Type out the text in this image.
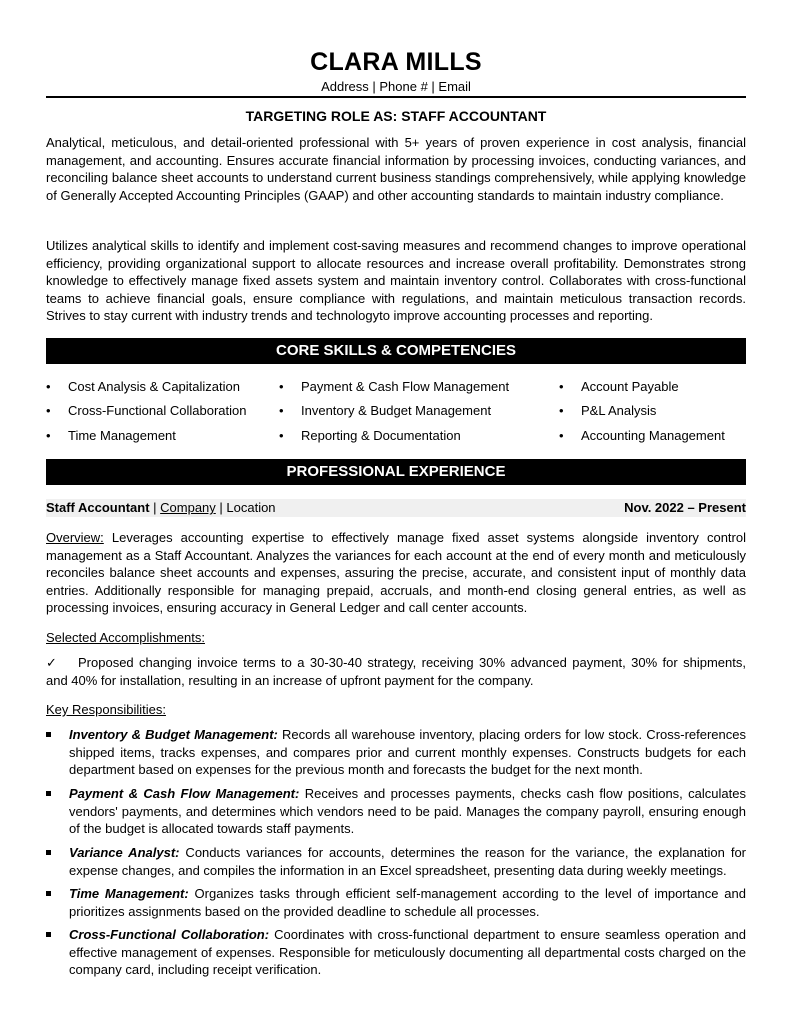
CLARA MILLS
Address | Phone # | Email
TARGETING ROLE AS: STAFF ACCOUNTANT
Analytical, meticulous, and detail-oriented professional with 5+ years of proven experience in cost analysis, financial management, and accounting. Ensures accurate financial information by processing invoices, conducting variances, and reconciling balance sheet accounts to understand current business standings comprehensively, while applying knowledge of Generally Accepted Accounting Principles (GAAP) and other accounting standards to maintain industry compliance.
Utilizes analytical skills to identify and implement cost-saving measures and recommend changes to improve operational efficiency, providing organizational support to allocate resources and increase overall profitability. Demonstrates strong knowledge to effectively manage fixed assets system and maintain inventory control. Collaborates with cross-functional teams to achieve financial goals, ensure compliance with regulations, and maintain meticulous transaction records. Strives to stay current with industry trends and technologyto improve accounting processes and reporting.
CORE SKILLS & COMPETENCIES
• Cost Analysis & Capitalization
• Cross-Functional Collaboration
• Time Management
• Payment & Cash Flow Management
• Inventory & Budget Management
• Reporting & Documentation
• Account Payable
• P&L Analysis
• Accounting Management
PROFESSIONAL EXPERIENCE
Staff Accountant | Company | Location	Nov. 2022 – Present
Overview: Leverages accounting expertise to effectively manage fixed asset systems alongside inventory control management as a Staff Accountant. Analyzes the variances for each account at the end of every month and meticulously reconciles balance sheet accounts and expenses, assuring the precise, accurate, and consistent input of monthly data entries. Additionally responsible for managing prepaid, accruals, and month-end closing general entries, as well as processing invoices, ensuring accuracy in General Ledger and call center accounts.
Selected Accomplishments:
✓ Proposed changing invoice terms to a 30-30-40 strategy, receiving 30% advanced payment, 30% for shipments, and 40% for installation, resulting in an increase of upfront payment for the company.
Key Responsibilities:
Inventory & Budget Management: Records all warehouse inventory, placing orders for low stock. Cross-references shipped items, tracks expenses, and compares prior and current monthly expenses. Constructs budgets for each department based on expenses for the previous month and forecasts the budget for the next month.
Payment & Cash Flow Management: Receives and processes payments, checks cash flow positions, calculates vendors' payments, and determines which vendors need to be paid. Manages the company payroll, ensuring enough of the budget is allocated towards staff payments.
Variance Analyst: Conducts variances for accounts, determines the reason for the variance, the explanation for expense changes, and compiles the information in an Excel spreadsheet, presenting data during weekly meetings.
Time Management: Organizes tasks through efficient self-management according to the level of importance and prioritizes assignments based on the provided deadline to schedule all processes.
Cross-Functional Collaboration: Coordinates with cross-functional department to ensure seamless operation and effective management of expenses. Responsible for meticulously documenting all departmental costs charged on the company card, including receipt verification.
